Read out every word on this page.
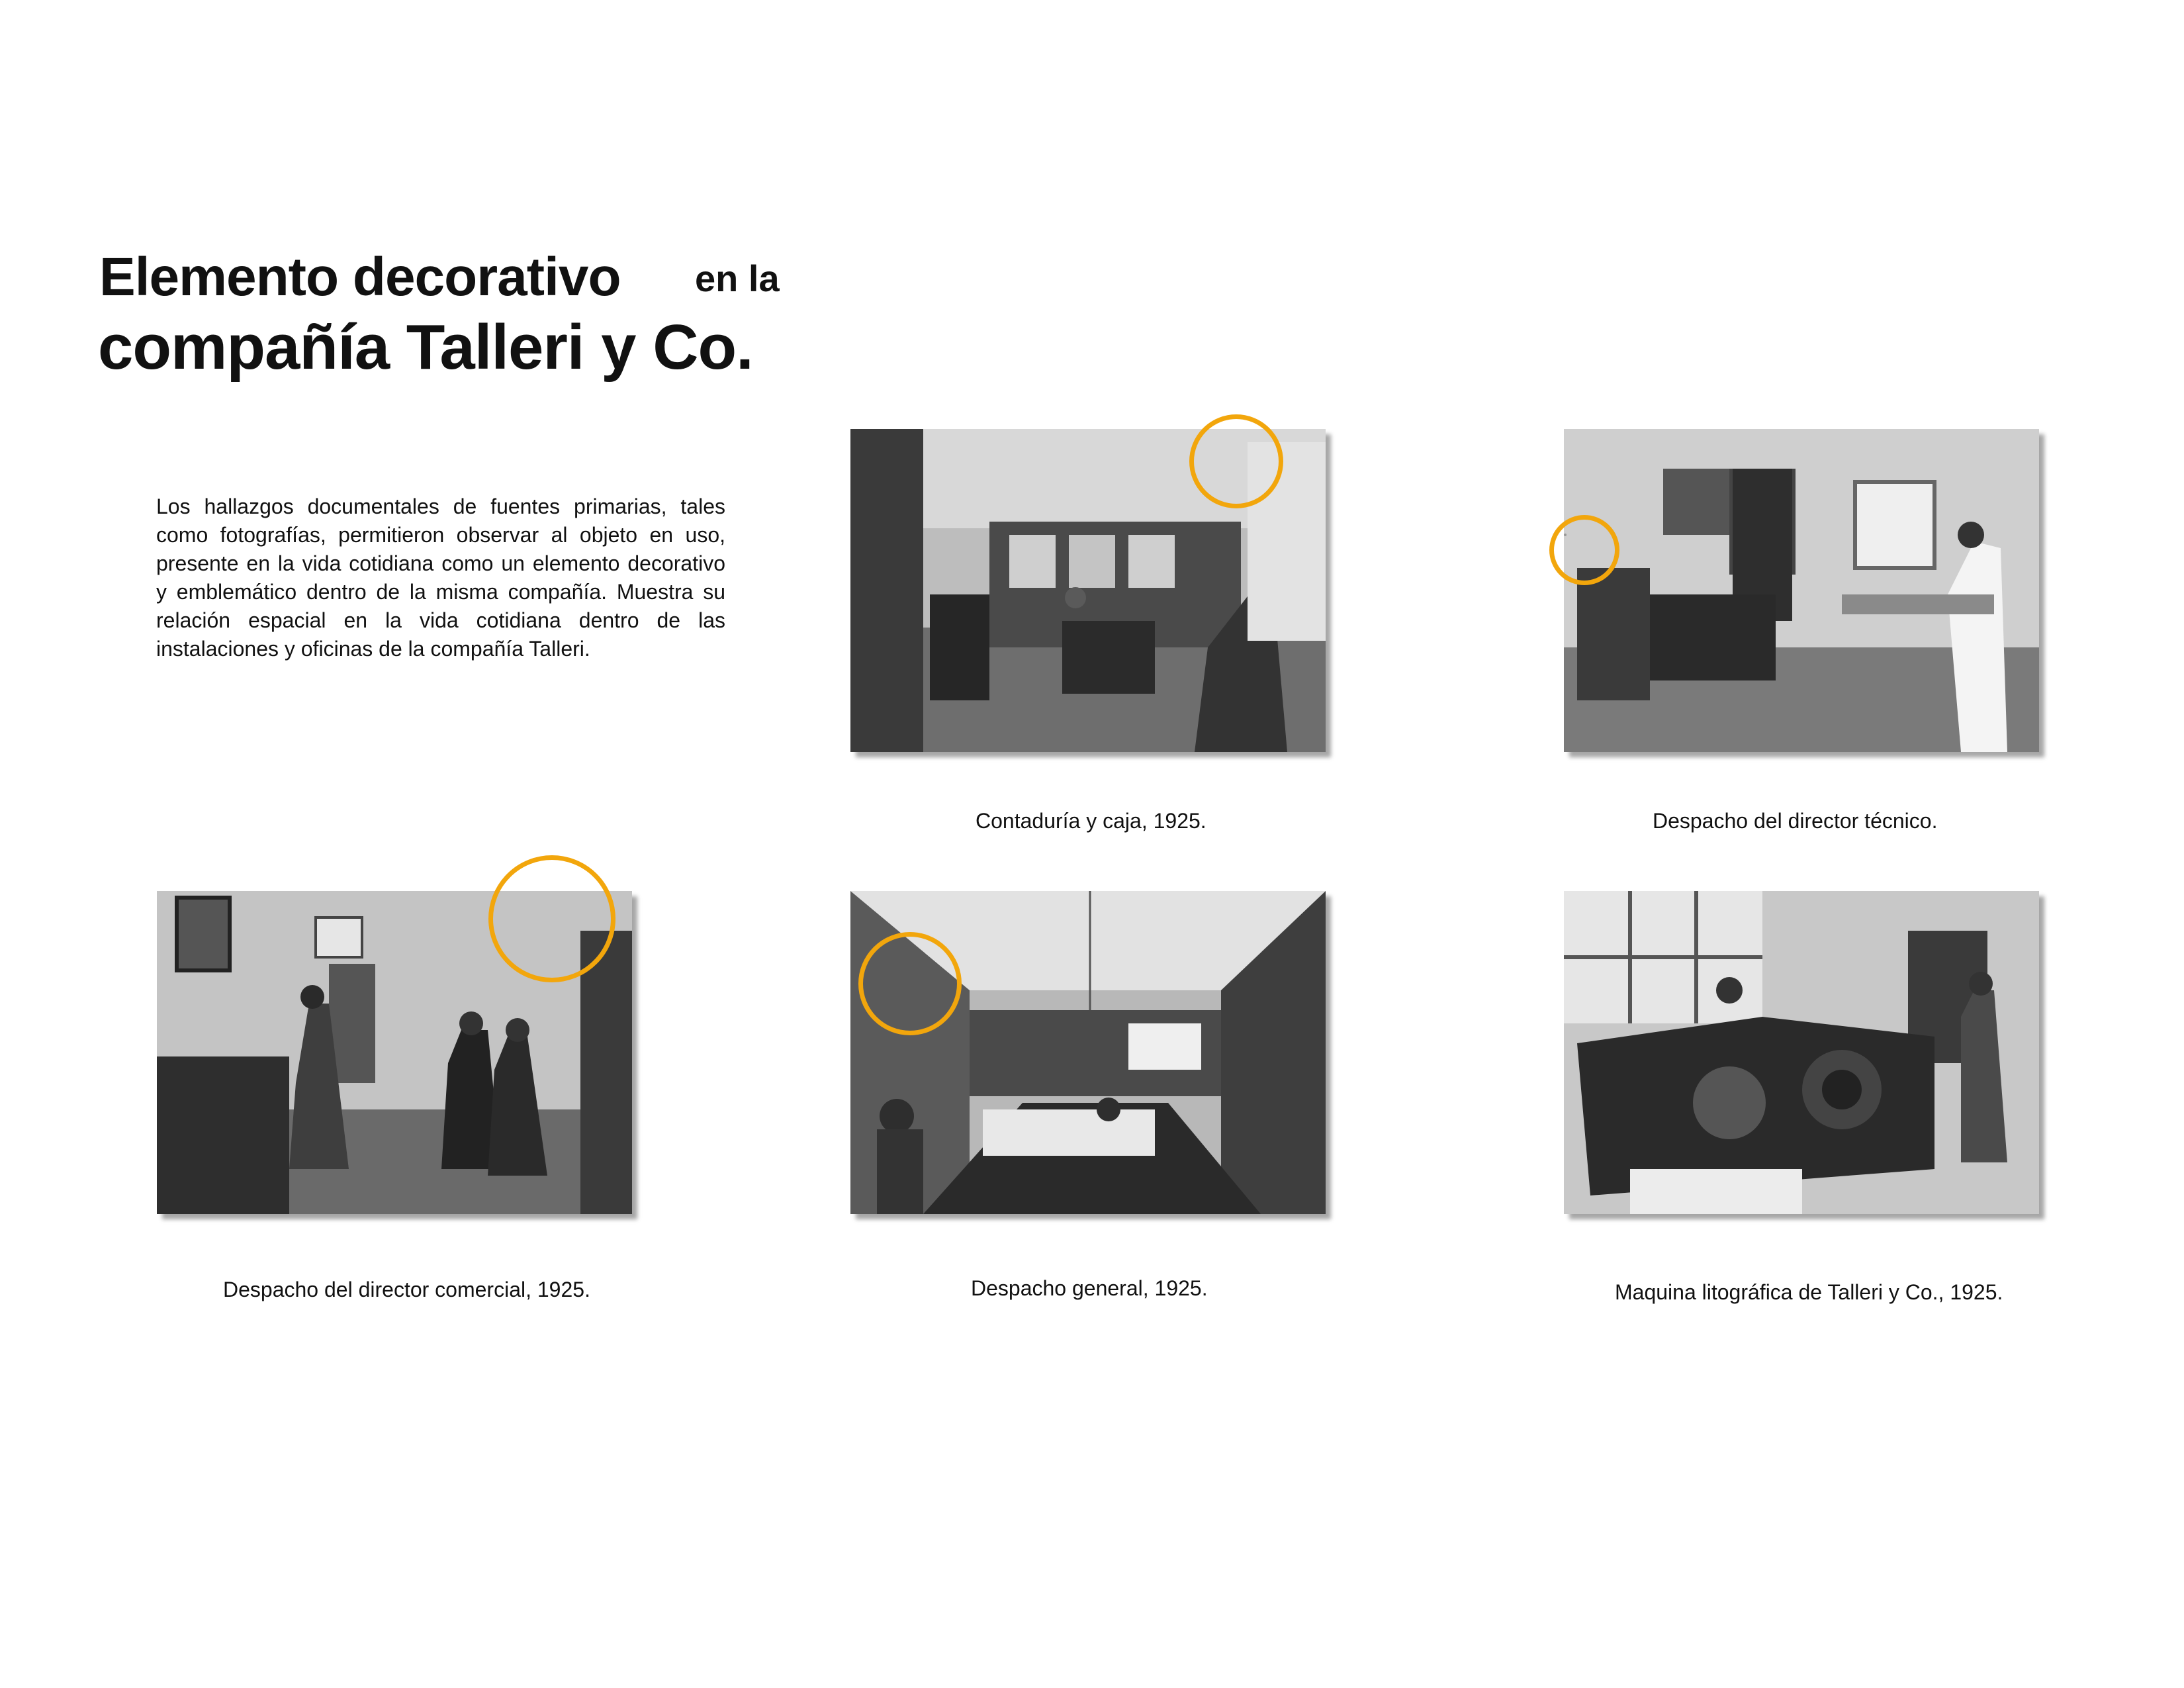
Elemento decorativo en la
compañía Talleri y Co.

Los hallazgos documentales de fuentes primarias, tales como fotografías, permitieron observar al objeto en uso, presente en la vida cotidiana como un elemento decorativo y emblemático dentro de la misma compañía. Muestra su relación espacial en la vida cotidiana dentro de las instalaciones y oficinas de la compañía Talleri.

Contaduría y caja, 1925.	Despacho del director técnico.
Despacho del director comercial, 1925.	Despacho general, 1925.	Maquina litográfica de Talleri y Co., 1925.
